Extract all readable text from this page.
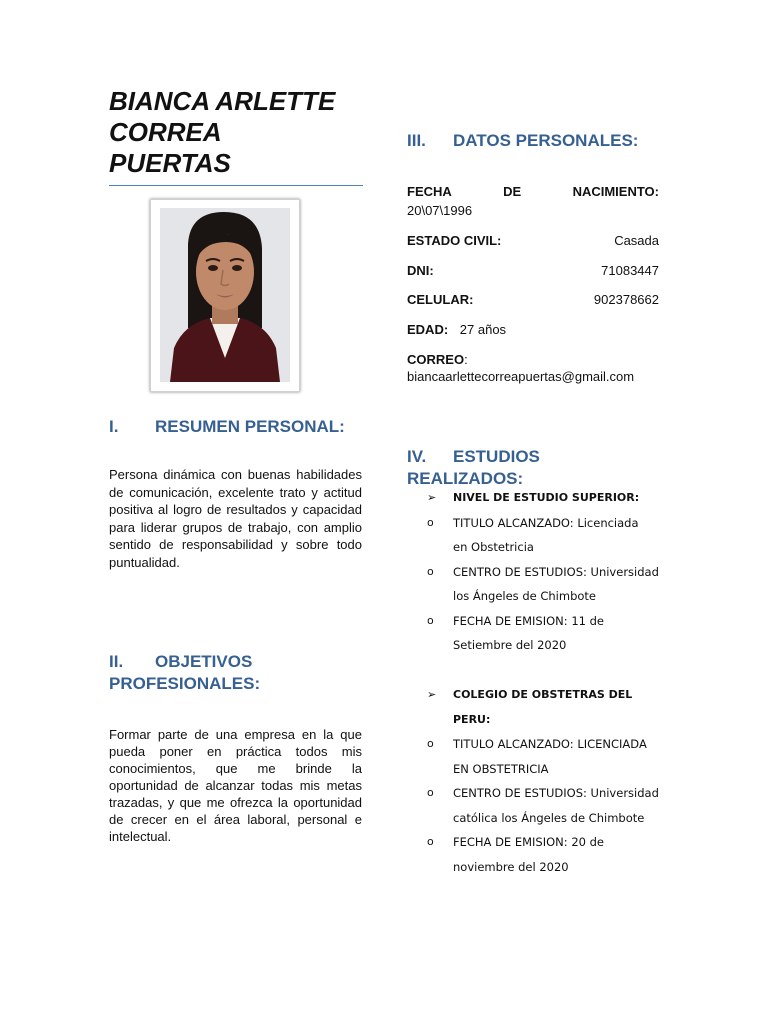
BIANCA ARLETTE
CORREA
PUERTAS

I. RESUMEN PERSONAL:

Persona dinámica con buenas habilidades de comunicación, excelente trato y actitud positiva al logro de resultados y capacidad para liderar grupos de trabajo, con amplio sentido de responsabilidad y sobre todo puntualidad.

II. OBJETIVOS
PROFESIONALES:

Formar parte de una empresa en la que pueda poner en práctica todos mis conocimientos, que me brinde la oportunidad de alcanzar todas mis metas trazadas, y que me ofrezca la oportunidad de crecer en el área laboral, personal e intelectual.

III. DATOS PERSONALES:

FECHA	DE	NACIMIENTO:
20\07\1996
ESTADO CIVIL:	Casada
DNI:	71083447
CELULAR:	902378662
EDAD: 27 años
CORREO:
biancaarlettecorreapuertas@gmail.com

IV. ESTUDIOS
REALIZADOS:

➢ NIVEL DE ESTUDIO SUPERIOR:
o TITULO ALCANZADO: Licenciada
en Obstetricia
o CENTRO DE ESTUDIOS: Universidad
los Ángeles de Chimbote
o FECHA DE EMISION: 11 de
Setiembre del 2020
➢ COLEGIO DE OBSTETRAS DEL
PERU:
o TITULO ALCANZADO: LICENCIADA
EN OBSTETRICIA
o CENTRO DE ESTUDIOS: Universidad
católica los Ángeles de Chimbote
o FECHA DE EMISION: 20 de
noviembre del 2020
